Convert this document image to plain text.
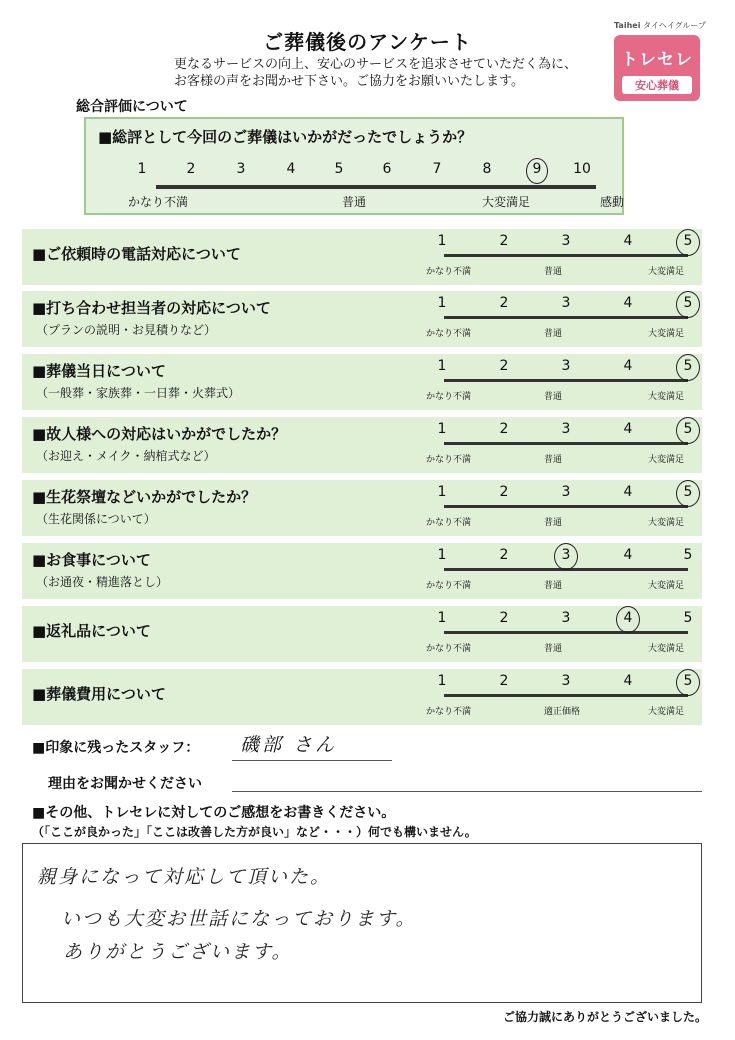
ご葬儀後のアンケート
更なるサービスの向上、安心のサービスを追求させていただく為に、
お客様の声をお聞かせ下さい。ご協力をお願いいたします。
Taihei タイヘイグループ
トレセレ
安心葬儀
総合評価について
■総評として今回のご葬儀はいかがだったでしょうか？
1	2	3	4	5	6	7	8	9	10
かなり不満	普通	大変満足	感動
■ご依頼時の電話対応について
1	2	3	4	5
かなり不満	普通	大変満足
■打ち合わせ担当者の対応について
（プランの説明・お見積りなど）
1	2	3	4	5
かなり不満	普通	大変満足
■葬儀当日について
（一般葬・家族葬・一日葬・火葬式）
1	2	3	4	5
かなり不満	普通	大変満足
■故人様への対応はいかがでしたか？
（お迎え・メイク・納棺式など）
1	2	3	4	5
かなり不満	普通	大変満足
■生花祭壇などいかがでしたか？
（生花関係について）
1	2	3	4	5
かなり不満	普通	大変満足
■お食事について
（お通夜・精進落とし）
1	2	3	4	5
かなり不満	普通	大変満足
■返礼品について
1	2	3	4	5
かなり不満	普通	大変満足
■葬儀費用について
1	2	3	4	5
かなり不満	適正価格	大変満足
■印象に残ったスタッフ： 磯部 さん
理由をお聞かせください
■その他、トレセレに対してのご感想をお書きください。
（「ここが良かった」「ここは改善した方が良い」など・・・）何でも構いません。
親身になって対応して頂いた。
いつも大変お世話になっております。
ありがとうございます。
ご協力誠にありがとうございました。
